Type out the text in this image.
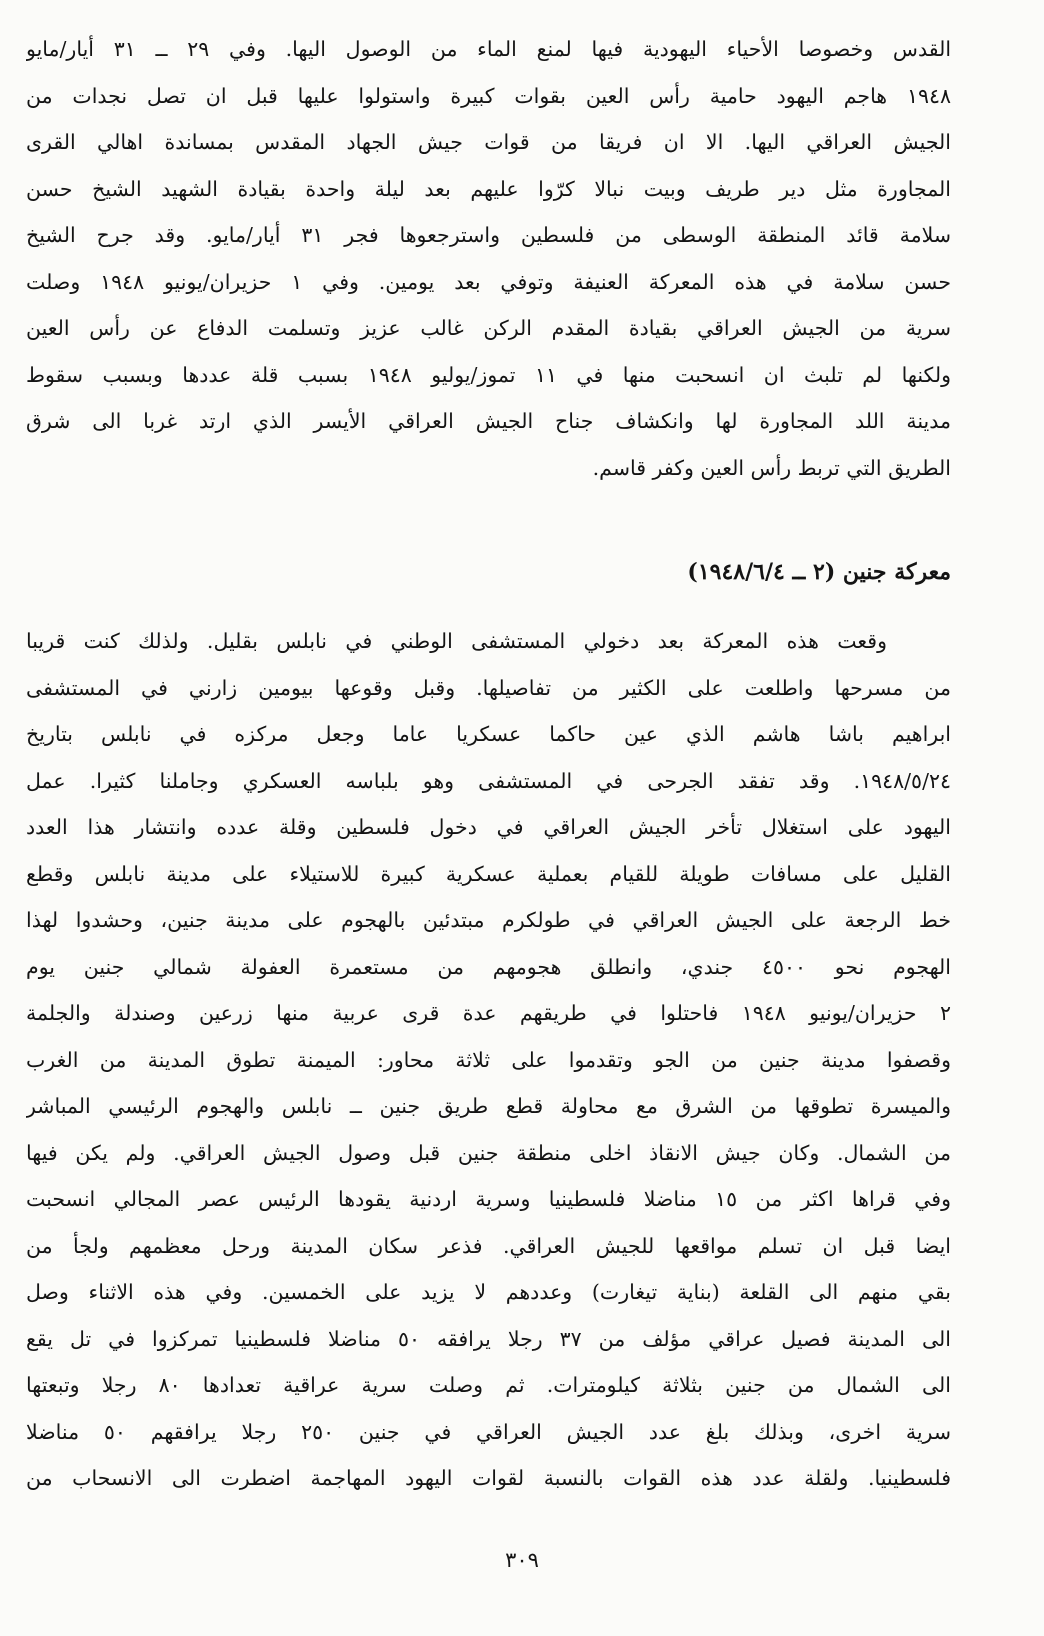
القدس وخصوصا الأحياء اليهودية فيها لمنع الماء من الوصول اليها. وفي ٢٩ ــ ٣١ أيار/مايو
١٩٤٨ هاجم اليهود حامية رأس العين بقوات كبيرة واستولوا عليها قبل ان تصل نجدات من
الجيش العراقي اليها. الا ان فريقا من قوات جيش الجهاد المقدس بمساندة اهالي القرى
المجاورة مثل دير طريف وبيت نبالا كرّوا عليهم بعد ليلة واحدة بقيادة الشهيد الشيخ حسن
سلامة قائد المنطقة الوسطى من فلسطين واسترجعوها فجر ٣١ أيار/مايو. وقد جرح الشيخ
حسن سلامة في هذه المعركة العنيفة وتوفي بعد يومين. وفي ١ حزيران/يونيو ١٩٤٨ وصلت
سرية من الجيش العراقي بقيادة المقدم الركن غالب عزيز وتسلمت الدفاع عن رأس العين
ولكنها لم تلبث ان انسحبت منها في ١١ تموز/يوليو ١٩٤٨ بسبب قلة عددها وبسبب سقوط
مدينة اللد المجاورة لها وانكشاف جناح الجيش العراقي الأيسر الذي ارتد غربا الى شرق
الطريق التي تربط رأس العين وكفر قاسم.
معركة جنين (٢ ــ ١٩٤٨/٦/٤)
وقعت هذه المعركة بعد دخولي المستشفى الوطني في نابلس بقليل. ولذلك كنت قريبا
من مسرحها واطلعت على الكثير من تفاصيلها. وقبل وقوعها بيومين زارني في المستشفى
ابراهيم باشا هاشم الذي عين حاكما عسكريا عاما وجعل مركزه في نابلس بتاريخ
١٩٤٨/٥/٢٤. وقد تفقد الجرحى في المستشفى وهو بلباسه العسكري وجاملنا كثيرا. عمل
اليهود على استغلال تأخر الجيش العراقي في دخول فلسطين وقلة عدده وانتشار هذا العدد
القليل على مسافات طويلة للقيام بعملية عسكرية كبيرة للاستيلاء على مدينة نابلس وقطع
خط الرجعة على الجيش العراقي في طولكرم مبتدئين بالهجوم على مدينة جنين، وحشدوا لهذا
الهجوم نحو ٤٥٠٠ جندي، وانطلق هجومهم من مستعمرة العفولة شمالي جنين يوم
٢ حزيران/يونيو ١٩٤٨ فاحتلوا في طريقهم عدة قرى عربية منها زرعين وصندلة والجلمة
وقصفوا مدينة جنين من الجو وتقدموا على ثلاثة محاور: الميمنة تطوق المدينة من الغرب
والميسرة تطوقها من الشرق مع محاولة قطع طريق جنين ــ نابلس والهجوم الرئيسي المباشر
من الشمال. وكان جيش الانقاذ اخلى منطقة جنين قبل وصول الجيش العراقي. ولم يكن فيها
وفي قراها اكثر من ١٥ مناضلا فلسطينيا وسرية اردنية يقودها الرئيس عصر المجالي انسحبت
ايضا قبل ان تسلم مواقعها للجيش العراقي. فذعر سكان المدينة ورحل معظمهم ولجأ من
بقي منهم الى القلعة (بناية تيغارت) وعددهم لا يزيد على الخمسين. وفي هذه الاثناء وصل
الى المدينة فصيل عراقي مؤلف من ٣٧ رجلا يرافقه ٥٠ مناضلا فلسطينيا تمركزوا في تل يقع
الى الشمال من جنين بثلاثة كيلومترات. ثم وصلت سرية عراقية تعدادها ٨٠ رجلا وتبعتها
سرية اخرى، وبذلك بلغ عدد الجيش العراقي في جنين ٢٥٠ رجلا يرافقهم ٥٠ مناضلا
فلسطينيا. ولقلة عدد هذه القوات بالنسبة لقوات اليهود المهاجمة اضطرت الى الانسحاب من
٣٠٩
